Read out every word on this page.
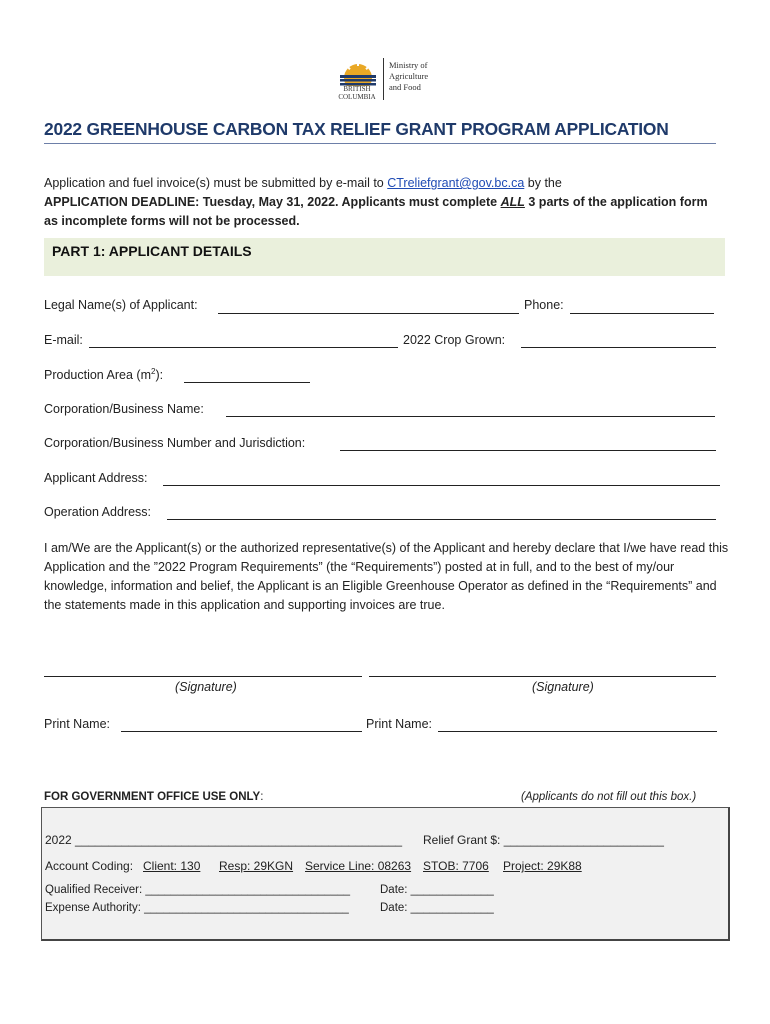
BRITISH
COLUMBIA
Ministry of
Agriculture
and Food
2022 GREENHOUSE CARBON TAX RELIEF GRANT PROGRAM APPLICATION
Application and fuel invoice(s) must be submitted by e-mail to CTreliefgrant@gov.bc.ca by the
APPLICATION DEADLINE: Tuesday, May 31, 2022. Applicants must complete ALL 3 parts of the application form as incomplete forms will not be processed.
PART 1: APPLICANT DETAILS
Legal Name(s) of Applicant:	Phone:
E-mail:	2022 Crop Grown:
Production Area $(m^2)$:
Corporation/Business Name:
Corporation/Business Number and Jurisdiction:
Applicant Address:
Operation Address:
I am/We are the Applicant(s) or the authorized representative(s) of the Applicant and hereby declare that I/we have read this Application and the ”2022 Program Requirements” (the “Requirements”) posted at in full, and to the best of my/our knowledge, information and belief, the Applicant is an Eligible Greenhouse Operator as defined in the “Requirements” and the statements made in this application and supporting invoices are true.
(Signature)	(Signature)
Print Name:	Print Name:
FOR GOVERNMENT OFFICE USE ONLY:	(Applicants do not fill out this box.)
2022 _________________________________________________ Relief Grant $: ________________________
Account Coding: Client: 130 Resp: 29KGN Service Line: 08263 STOB: 7706 Project: 29K88
Qualified Receiver: ________________________________	Date: _____________
Expense Authority: ________________________________	Date: _____________
